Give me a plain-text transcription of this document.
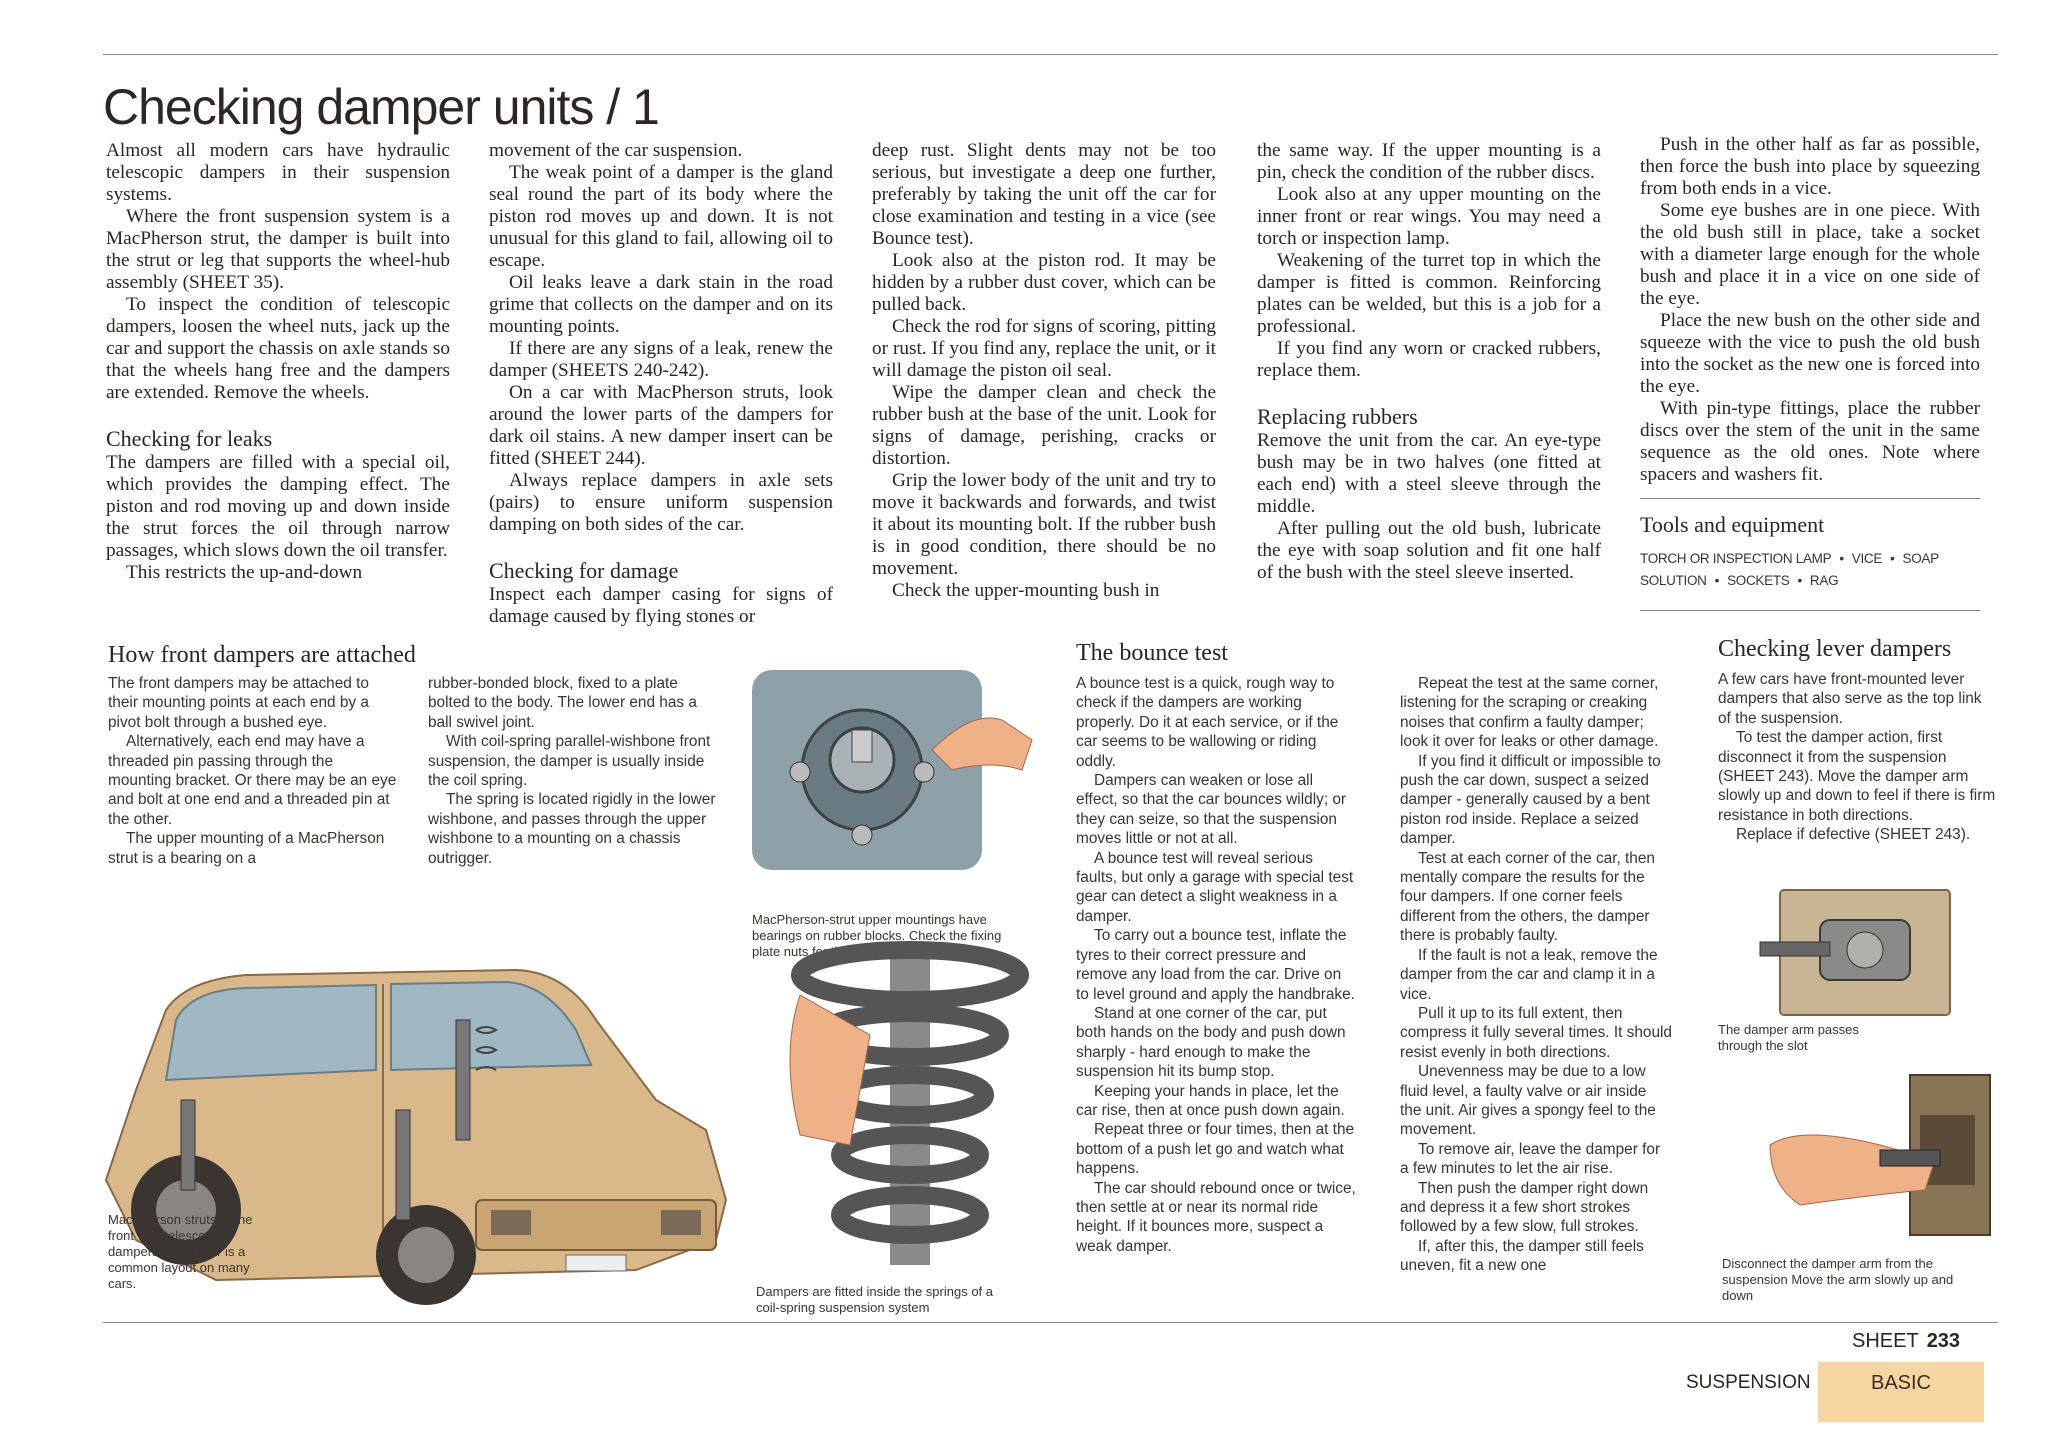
Checking damper units / 1

Almost all modern cars have hydraulic telescopic dampers in their suspension systems.

Where the front suspension system is a MacPherson strut, the damper is built into the strut or leg that supports the wheel-hub assembly (SHEET 35).

To inspect the condition of telescopic dampers, loosen the wheel nuts, jack up the car and support the chassis on axle stands so that the wheels hang free and the dampers are extended. Remove the wheels.

Checking for leaks

The dampers are filled with a special oil, which provides the damping effect. The piston and rod moving up and down inside the strut forces the oil through narrow passages, which slows down the oil transfer.

This restricts the up-and-down

movement of the car suspension.

The weak point of a damper is the gland seal round the part of its body where the piston rod moves up and down. It is not unusual for this gland to fail, allowing oil to escape.

Oil leaks leave a dark stain in the road grime that collects on the damper and on its mounting points.

If there are any signs of a leak, renew the damper (SHEETS 240-242).

On a car with MacPherson struts, look around the lower parts of the dampers for dark oil stains. A new damper insert can be fitted (SHEET 244).

Always replace dampers in axle sets (pairs) to ensure uniform suspension damping on both sides of the car.

Checking for damage

Inspect each damper casing for signs of damage caused by flying stones or

deep rust. Slight dents may not be too serious, but investigate a deep one further, preferably by taking the unit off the car for close examination and testing in a vice (see Bounce test).

Look also at the piston rod. It may be hidden by a rubber dust cover, which can be pulled back.

Check the rod for signs of scoring, pitting or rust. If you find any, replace the unit, or it will damage the piston oil seal.

Wipe the damper clean and check the rubber bush at the base of the unit. Look for signs of damage, perishing, cracks or distortion.

Grip the lower body of the unit and try to move it backwards and forwards, and twist it about its mounting bolt. If the rubber bush is in good condition, there should be no movement.

Check the upper-mounting bush in

the same way. If the upper mounting is a pin, check the condition of the rubber discs.

Look also at any upper mounting on the inner front or rear wings. You may need a torch or inspection lamp.

Weakening of the turret top in which the damper is fitted is common. Reinforcing plates can be welded, but this is a job for a professional.

If you find any worn or cracked rubbers, replace them.

Replacing rubbers

Remove the unit from the car. An eye-type bush may be in two halves (one fitted at each end) with a steel sleeve through the middle.

After pulling out the old bush, lubricate the eye with soap solution and fit one half of the bush with the steel sleeve inserted.

Push in the other half as far as possible, then force the bush into place by squeezing from both ends in a vice.

Some eye bushes are in one piece. With the old bush still in place, take a socket with a diameter large enough for the whole bush and place it in a vice on one side of the eye.

Place the new bush on the other side and squeeze with the vice to push the old bush into the socket as the new one is forced into the eye.

With pin-type fittings, place the rubber discs over the stem of the unit in the same sequence as the old ones. Note where spacers and washers fit.

Tools and equipment
TORCH OR INSPECTION LAMP • VICE • SOAP SOLUTION • SOCKETS • RAG
How front dampers are attached

The front dampers may be attached to their mounting points at each end by a pivot bolt through a bushed eye.

Alternatively, each end may have a threaded pin passing through the mounting bracket. Or there may be an eye and bolt at one end and a threaded pin at the other.

The upper mounting of a MacPherson strut is a bearing on a

rubber-bonded block, fixed to a plate bolted to the body. The lower end has a ball swivel joint.

With coil-spring parallel-wishbone front suspension, the damper is usually inside the coil spring.

The spring is located rigidly in the lower wishbone, and passes through the upper wishbone to a mounting on a chassis outrigger.

MacPherson struts at the front with telescopic dampers at the rear is a common layout on many cars.
MacPherson-strut upper mountings have bearings on rubber blocks. Check the fixing plate nuts for tightness.
Dampers are fitted inside the springs of a coil-spring suspension system
The bounce test

A bounce test is a quick, rough way to check if the dampers are working properly. Do it at each service, or if the car seems to be wallowing or riding oddly.

Dampers can weaken or lose all effect, so that the car bounces wildly; or they can seize, so that the suspension moves little or not at all.

A bounce test will reveal serious faults, but only a garage with special test gear can detect a slight weakness in a damper.

To carry out a bounce test, inflate the tyres to their correct pressure and remove any load from the car. Drive on to level ground and apply the handbrake.

Stand at one corner of the car, put both hands on the body and push down sharply - hard enough to make the suspension hit its bump stop.

Keeping your hands in place, let the car rise, then at once push down again.

Repeat three or four times, then at the bottom of a push let go and watch what happens.

The car should rebound once or twice, then settle at or near its normal ride height. If it bounces more, suspect a weak damper.

Repeat the test at the same corner, listening for the scraping or creaking noises that confirm a faulty damper; look it over for leaks or other damage.

If you find it difficult or impossible to push the car down, suspect a seized damper - generally caused by a bent piston rod inside. Replace a seized damper.

Test at each corner of the car, then mentally compare the results for the four dampers. If one corner feels different from the others, the damper there is probably faulty.

If the fault is not a leak, remove the damper from the car and clamp it in a vice.

Pull it up to its full extent, then compress it fully several times. It should resist evenly in both directions.

Unevenness may be due to a low fluid level, a faulty valve or air inside the unit. Air gives a spongy feel to the movement.

To remove air, leave the damper for a few minutes to let the air rise.

Then push the damper right down and depress it a few short strokes followed by a few slow, full strokes.

If, after this, the damper still feels uneven, fit a new one

Checking lever dampers

A few cars have front-mounted lever dampers that also serve as the top link of the suspension.

To test the damper action, first disconnect it from the suspension (SHEET 243). Move the damper arm slowly up and down to feel if there is firm resistance in both directions.

Replace if defective (SHEET 243).

The damper arm passes through the slot
Disconnect the damper arm from the suspension Move the arm slowly up and down
SHEET 233
SUSPENSION	BASIC
